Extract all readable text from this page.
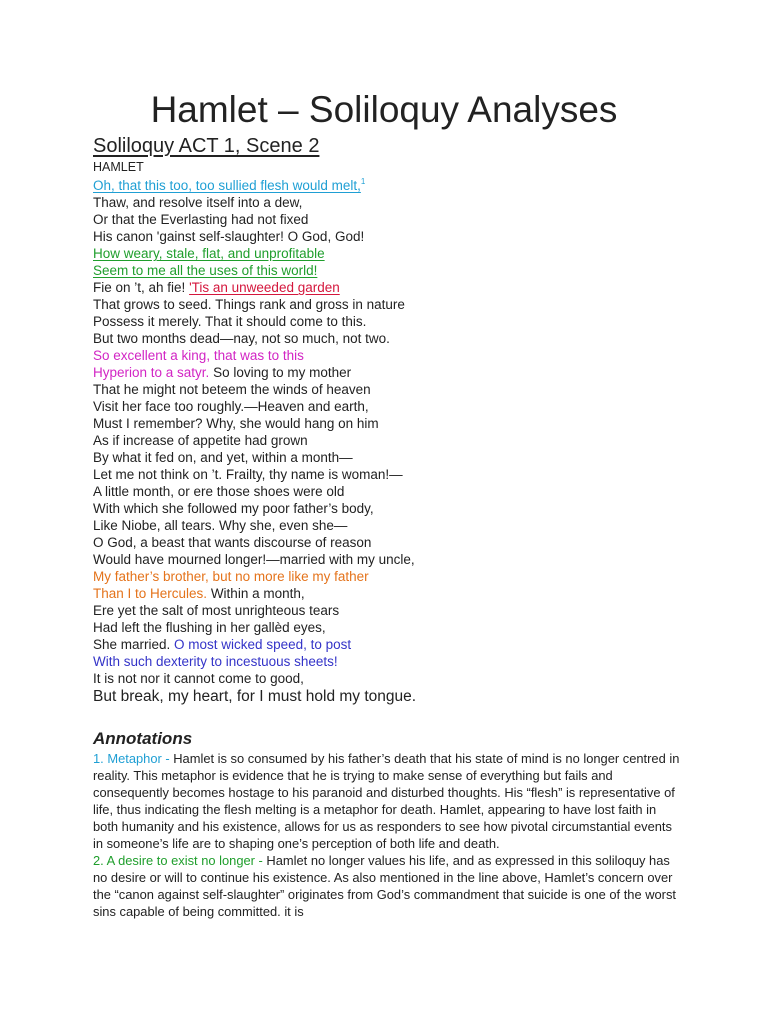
Hamlet – Soliloquy Analyses
Soliloquy ACT 1, Scene 2
HAMLET
Oh, that this too, too sullied flesh would melt,$^1$
Thaw, and resolve itself into a dew,
Or that the Everlasting had not fixed
His canon 'gainst self-slaughter! O God, God!
How weary, stale, flat, and unprofitable
Seem to me all the uses of this world!
Fie on ’t, ah fie! 'Tis an unweeded garden
That grows to seed. Things rank and gross in nature
Possess it merely. That it should come to this.
But two months dead—nay, not so much, not two.
So excellent a king, that was to this
Hyperion to a satyr. So loving to my mother
That he might not beteem the winds of heaven
Visit her face too roughly.—Heaven and earth,
Must I remember? Why, she would hang on him
As if increase of appetite had grown
By what it fed on, and yet, within a month—
Let me not think on ’t. Frailty, thy name is woman!—
A little month, or ere those shoes were old
With which she followed my poor father’s body,
Like Niobe, all tears. Why she, even she—
O God, a beast that wants discourse of reason
Would have mourned longer!—married with my uncle,
My father’s brother, but no more like my father
Than I to Hercules. Within a month,
Ere yet the salt of most unrighteous tears
Had left the flushing in her gallèd eyes,
She married. O most wicked speed, to post
With such dexterity to incestuous sheets!
It is not nor it cannot come to good,
But break, my heart, for I must hold my tongue.
Annotations

1. Metaphor - Hamlet is so consumed by his father’s death that his state of mind is no longer centred in reality. This metaphor is evidence that he is trying to make sense of everything but fails and consequently becomes hostage to his paranoid and disturbed thoughts. His “flesh” is representative of life, thus indicating the flesh melting is a metaphor for death. Hamlet, appearing to have lost faith in both humanity and his existence, allows for us as responders to see how pivotal circumstantial events in someone’s life are to shaping one’s perception of both life and death.

2. A desire to exist no longer - Hamlet no longer values his life, and as expressed in this soliloquy has no desire or will to continue his existence. As also mentioned in the line above, Hamlet’s concern over the “canon against self-slaughter” originates from God’s commandment that suicide is one of the worst sins capable of being committed. it is
